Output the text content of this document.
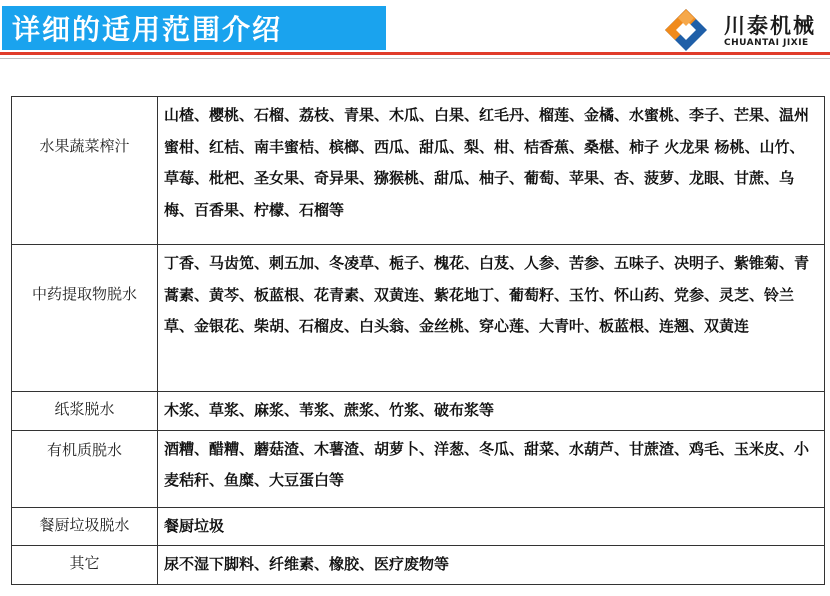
详细的适用范围介绍	川泰机械
CHUANTAI JIXIE
水果蔬菜榨汁	山楂、樱桃、石榴、荔枝、青果、木瓜、白果、红毛丹、榴莲、金橘、水蜜桃、李子、芒果、温州蜜柑、红桔、南丰蜜桔、槟榔、西瓜、甜瓜、梨、柑、桔香蕉、桑椹、柿子 火龙果 杨桃、山竹、草莓、枇杷、圣女果、奇异果、猕猴桃、甜瓜、柚子、葡萄、苹果、杏、菠萝、龙眼、甘蔗、乌梅、百香果、柠檬、石榴等
中药提取物脱水	丁香、马齿笕、刺五加、冬凌草、栀子、槐花、白芨、人参、苦参、五味子、决明子、紫锥菊、青蒿素、黄芩、板蓝根、花青素、双黄连、紫花地丁、葡萄籽、玉竹、怀山药、党参、灵芝、铃兰草、金银花、柴胡、石榴皮、白头翁、金丝桃、穿心莲、大青叶、板蓝根、连翘、双黄连
纸浆脱水	木浆、草浆、麻浆、苇浆、蔗浆、竹浆、破布浆等
有机质脱水	酒糟、醋糟、蘑菇渣、木薯渣、胡萝卜、洋葱、冬瓜、甜菜、水葫芦、甘蔗渣、鸡毛、玉米皮、小麦秸秆、鱼糜、大豆蛋白等
餐厨垃圾脱水	餐厨垃圾
其它	尿不湿下脚料、纤维素、橡胶、医疗废物等
